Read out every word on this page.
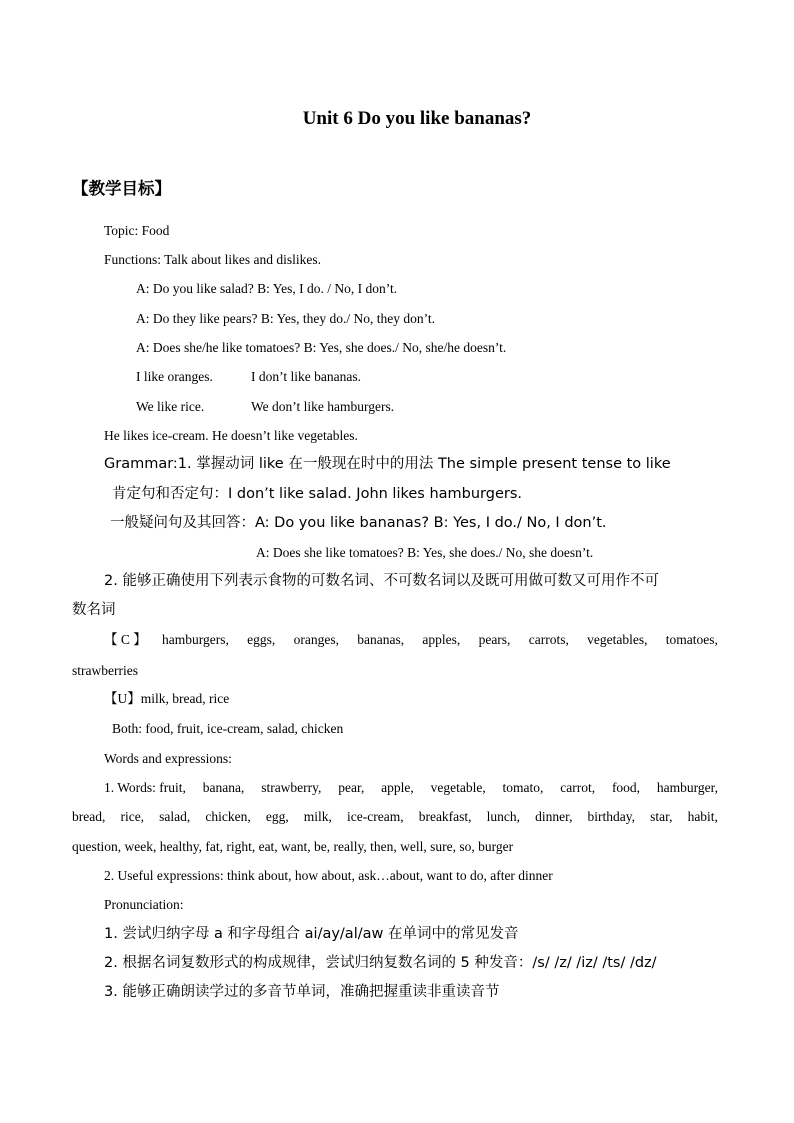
Unit 6 Do you like bananas?
【教学目标】
Topic: Food
Functions: Talk about likes and dislikes.
A: Do you like salad? B: Yes, I do. / No, I don’t.
A: Do they like pears? B: Yes, they do./ No, they don’t.
A: Does she/he like tomatoes? B: Yes, she does./ No, she/he doesn’t.
I like oranges.	I don’t like bananas.
We like rice.	We don’t like hamburgers.
He likes ice-cream. He doesn’t like vegetables.
Grammar:1. 掌握动词 like 在一般现在时中的用法 The simple present tense to like
肯定句和否定句：I don’t like salad. John likes hamburgers.
一般疑问句及其回答：A: Do you like bananas? B: Yes, I do./ No, I don’t.
A: Does she like tomatoes? B: Yes, she does./ No, she doesn’t.
2. 能够正确使用下列表示食物的可数名词、不可数名词以及既可用做可数又可用作不可
数名词
【 C 】 hamburgers, eggs, oranges, bananas, apples, pears, carrots, vegetables, tomatoes,
strawberries
【U】milk, bread, rice
Both: food, fruit, ice-cream, salad, chicken
Words and expressions:
1. Words: fruit, banana, strawberry, pear, apple, vegetable, tomato, carrot, food, hamburger,
bread, rice, salad, chicken, egg, milk, ice-cream, breakfast, lunch, dinner, birthday, star, habit,
question, week, healthy, fat, right, eat, want, be, really, then, well, sure, so, burger
2. Useful expressions: think about, how about, ask…about, want to do, after dinner
Pronunciation:
1. 尝试归纳字母 a 和字母组合 ai/ay/al/aw 在单词中的常见发音
2. 根据名词复数形式的构成规律，尝试归纳复数名词的 5 种发音：/s/ /z/ /iz/ /ts/ /dz/
3. 能够正确朗读学过的多音节单词，准确把握重读非重读音节
